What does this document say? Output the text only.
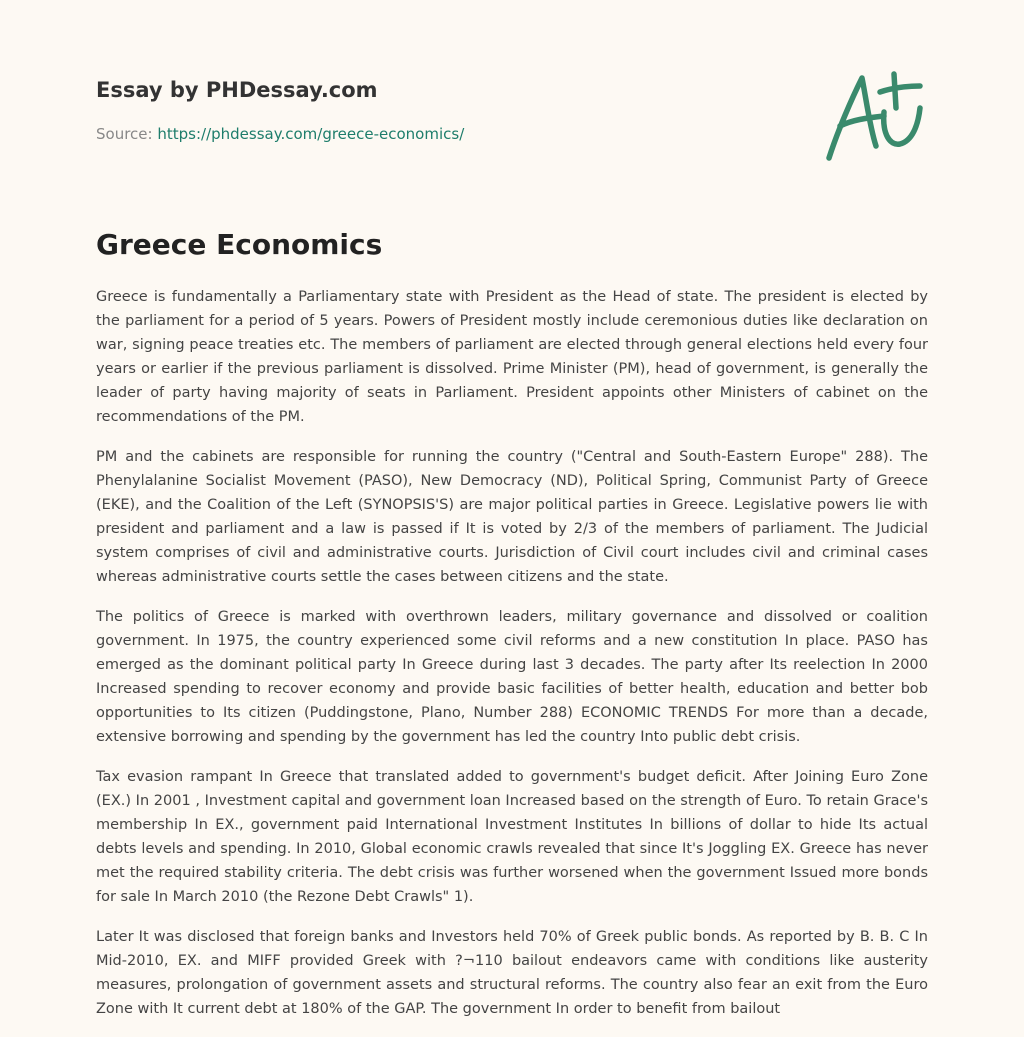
Essay by PHDessay.com
Source: https://phdessay.com/greece-economics/
Greece Economics

Greece is fundamentally a Parliamentary state with President as the Head of state. The president is elected by the parliament for a period of 5 years. Powers of President mostly include ceremonious duties like declaration on war, signing peace treaties etc. The members of parliament are elected through general elections held every four years or earlier if the previous parliament is dissolved. Prime Minister (PM), head of government, is generally the leader of party having majority of seats in Parliament. President appoints other Ministers of cabinet on the recommendations of the PM.

PM and the cabinets are responsible for running the country ("Central and South-Eastern Europe" 288). The Phenylalanine Socialist Movement (PASO), New Democracy (ND), Political Spring, Communist Party of Greece (EKE), and the Coalition of the Left (SYNOPSIS'S) are major political parties in Greece. Legislative powers lie with president and parliament and a law is passed if It is voted by 2/3 of the members of parliament. The Judicial system comprises of civil and administrative courts. Jurisdiction of Civil court includes civil and criminal cases whereas administrative courts settle the cases between citizens and the state.

The politics of Greece is marked with overthrown leaders, military governance and dissolved or coalition government. In 1975, the country experienced some civil reforms and a new constitution In place. PASO has emerged as the dominant political party In Greece during last 3 decades. The party after Its reelection In 2000 Increased spending to recover economy and provide basic facilities of better health, education and better bob opportunities to Its citizen (Puddingstone, Plano, Number 288) ECONOMIC TRENDS For more than a decade, extensive borrowing and spending by the government has led the country Into public debt crisis.

Tax evasion rampant In Greece that translated added to government's budget deficit. After Joining Euro Zone (EX.) In 2001 , Investment capital and government loan Increased based on the strength of Euro. To retain Grace's membership In EX., government paid International Investment Institutes In billions of dollar to hide Its actual debts levels and spending. In 2010, Global economic crawls revealed that since It's Joggling EX. Greece has never met the required stability criteria. The debt crisis was further worsened when the government Issued more bonds for sale In March 2010 (the Rezone Debt Crawls" 1).

Later It was disclosed that foreign banks and Investors held 70% of Greek public bonds. As reported by B. B. C In Mid-2010, EX. and MIFF provided Greek with ?¬110 bailout endeavors came with conditions like austerity measures, prolongation of government assets and structural reforms. The country also fear an exit from the Euro Zone with It current debt at 180% of the GAP. The government In order to benefit from bailout
